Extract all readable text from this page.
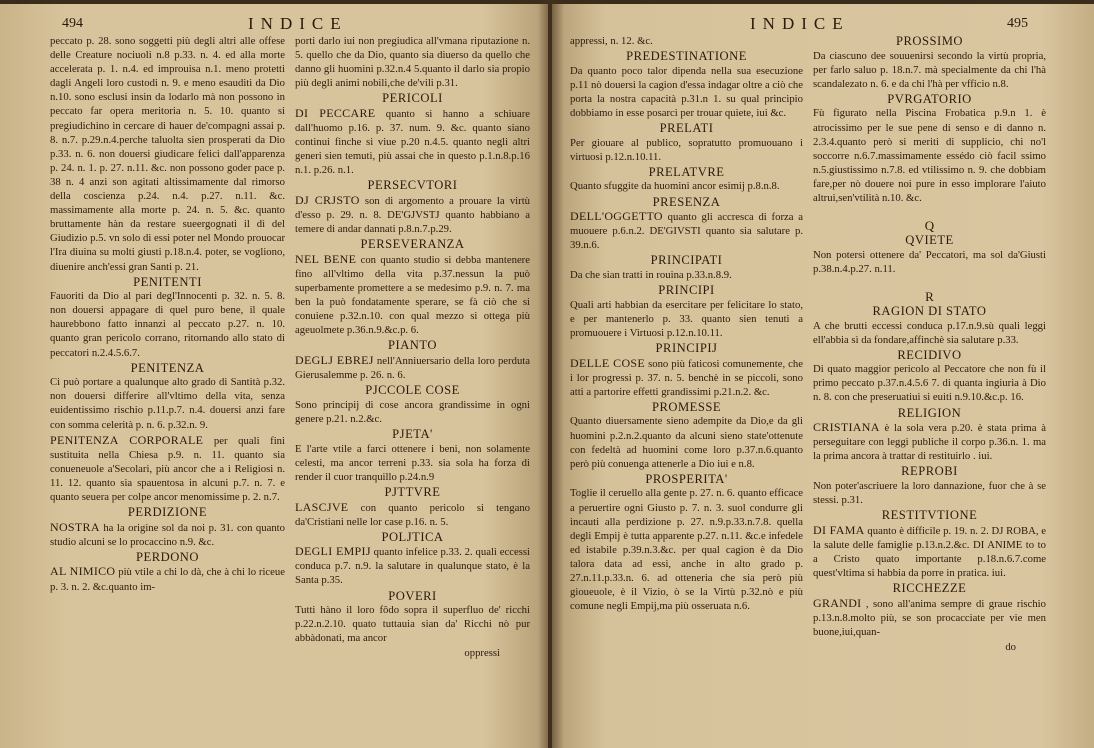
494	INDICE
peccato p. 28. sono soggetti più degli altri alle offese delle Creature nociuoli n.8 p.33. n. 4. ed alla morte accelerata p. 1. n.4. ed improuisa n.1. meno protetti dagli Angeli loro custodi n. 9. e meno esauditi da Dio n.10. sono esclusi insin da lodarlo mà non possono in peccato far opera meritoria n. 5. 10. quanto si pregiudichino in cercare di hauer de'compagni assai p. 8. n.7. p.29.n.4.perche taluolta sien prosperati da Dio p.33. n. 6. non douersi giudicare felici dall'apparenza p. 24. n. 1. p. 27. n.11. &c. non possono goder pace p. 38 n. 4 anzi son agitati altissimamente dal rimorso della coscienza p.24. n.4. p.27. n.11. &c. massimamente alla morte p. 24. n. 5. &c. quanto bruttamente hàn da restare sueergognati il dì del Giudizio p.5. vn solo di essi poter nel Mondo prouocar l'Ira diuina su molti giusti p.18.n.4. poter, se vogliono, diuenire anch'essi gran Santi p. 21.
PENITENTI
Fauoriti da Dio al pari degl'Innocenti p. 32. n. 5. 8. non douersi appagare di quel puro bene, il quale haurebbono fatto innanzi al peccato p.27. n. 10. quanto gran pericolo corrano, ritornando allo stato di peccatori n.2.4.5.6.7.
PENITENZA
Ci può portare a qualunque alto grado di Santità p.32. non douersi differire all'vltimo della vita, senza euidentissimo rischio p.11.p.7. n.4. douersi anzi fare con somma celerità p. n. 6. p.32.n. 9.
PENITENZA CORPORALE per quali fini sustituita nella Chiesa p.9. n. 11. quanto sia conueneuole a'Secolari, più ancor che a i Religiosi n. 11. 12. quanto sia spauentosa in alcuni p.7. n. 7. e quanto seuera per colpe ancor menomissime p. 2. n.7.
PERDIZIONE
NOSTRA ha la origine sol da noi p. 31. con quanto studio alcuni se lo procaccino n.9. &c.
PERDONO
AL NIMICO più vtile a chi lo dà, che à chi lo riceue p. 3. n. 2. &c.quanto im-
porti darlo iui non pregiudica all'vmana riputazione n. 5. quello che da Dio, quanto sia diuerso da quello che danno gli huomini p.32.n.4 5.quanto il darlo sia propio più degli animi nobili,che de'vili p.31.
PERICOLI
DI PECCARE quanto si hanno a schiuare dall'huomo p.16. p. 37. num. 9. &c. quanto siano continui finche si viue p.20 n.4.5. quanto negli altri generi sien temuti, più assai che in questo p.1.n.8.p.16 n.1. p.26. n.1.
PERSECVTORI
DJ CRJSTO son di argomento a prouare la virtù d'esso p. 29. n. 8. DE'GJVSTJ quanto habbiano a temere di andar dannati p.8.n.7.p.29.
PERSEVERANZA
NEL BENE con quanto studio si debba mantenere fino all'vltimo della vita p.37.nessun la può superbamente promettere a se medesimo p.9. n. 7. ma ben la può fondatamente sperare, se fà ciò che si conuiene p.32.n.10. con qual mezzo si ottega più ageuolmete p.36.n.9.&c.p. 6.
PIANTO
DEGLJ EBREJ nell'Anniuersario della loro perduta Gierusalemme p. 26. n. 6.
PJCCOLE COSE
Sono principij di cose ancora grandissime in ogni genere p.21. n.2.&c.
PJETA'
E l'arte vtile a farci ottenere i beni, non solamente celesti, ma ancor terreni p.33. sia sola ha forza di render il cuor tranquillo p.24.n.9
PJTTVRE
LASCJVE con quanto pericolo si tengano da'Cristiani nelle lor case p.16. n. 5.
POLJTICA
DEGLI EMPIJ quanto infelice p.33. 2. quali eccessi conduca p.7. n.9. la salutare in qualunque stato, è la Santa p.35.
POVERI
Tutti hàno il loro fôdo sopra il superfluo de' ricchi p.22.n.2.10. quato tuttauia sian da' Ricchi nò pur abbàdonati, ma ancor
oppressi
INDICE	495
appressi, n. 12. &c.
PREDESTINATIONE
Da quanto poco talor dipenda nella sua esecuzione p.11 nò douersi la cagion d'essa indagar oltre a ciò che porta la nostra capacità p.31.n 1. su qual principio dobbiamo in esse posarci per trouar quiete, iui &c.
PRELATI
Per giouare al publico, sopratutto promuouano i virtuosi p.12.n.10.11.
PRELATVRE
Quanto sfuggite da huomini ancor esimij p.8.n.8.
PRESENZA
DELL'OGGETTO quanto gli accresca di forza a muouere p.6.n.2. DE'GIVSTI quanto sia salutare p. 39.n.6.
PRINCIPATI
Da che sian tratti in rouina p.33.n.8.9.
PRINCIPI
Quali arti habbian da esercitare per felicitare lo stato, e per mantenerlo p. 33. quanto sien tenuti a promuouere i Virtuosi p.12.n.10.11.
PRINCIPIJ
DELLE COSE sono più faticosi comunemente, che i lor progressi p. 37. n. 5. benchè in se piccoli, sono atti a partorire effetti grandissimi p.21.n.2. &c.
PROMESSE
Quanto diuersamente sieno adempite da Dio,e da gli huomini p.2.n.2.quanto da alcuni sieno state'ottenute con fedeltà ad huomini come loro p.37.n.6.quanto però più conuenga attenerle a Dio iui e n.8.
PROSPERITA'
Toglie il ceruello alla gente p. 27. n. 6. quanto efficace a peruertire ogni Giusto p. 7. n. 3. suol condurre gli incauti alla perdizione p. 27. n.9.p.33.n.7.8. quella degli Empij è tutta apparente p.27. n.11. &c.e infedele ed istabile p.39.n.3.&c. per qual cagion è da Dio talora data ad essi, anche in alto grado p. 27.n.11.p.33.n. 6. ad otteneria che sia però più gioueuole, è il Vizio, ò se la Virtù p.32.nò e più comune negli Empij,ma più osseruata n.6.
PROSSIMO
Da ciascuno dee souuenirsi secondo la virtù propria, per farlo saluo p. 18.n.7. mà specialmente da chi l'hà scandalezato n. 6. e da chi l'hà per vfficio n.8.
PVRGATORIO
Fù figurato nella Piscina Frobatica p.9.n 1. è atrocissimo per le sue pene di senso e di danno n. 2.3.4.quanto però si meriti di supplicio, chi no'l soccorre n.6.7.massimamente essédo ciò facil ssimo n.5.giustissimo n.7.8. ed vtilissimo n. 9. che dobbiam fare,per nò douere noi pure in esso implorare l'aiuto altrui,sen'vtilità n.10. &c.
Q
QVIETE
Non potersi ottenere da' Peccatori, ma sol da'Giusti p.38.n.4.p.27. n.11.
R
RAGION DI STATO
A che brutti eccessi conduca p.17.n.9.sù quali leggi ell'abbia sì da fondare,affinchè sia salutare p.33.
RECIDIVO
Di quato maggior pericolo al Peccatore che non fù il primo peccato p.37.n.4.5.6 7. di quanta ingiuria à Dio n. 8. con che preseruatiui si euiti n.9.10.&c.p. 16.
RELIGION
CRISTIANA è la sola vera p.20. è stata prima à perseguitare con leggi publiche il corpo p.36.n. 1. ma la prima ancora à trattar di restituirlo . iui.
REPROBI
Non poter'ascriuere la loro dannazione, fuor che à se stessi. p.31.
RESTITVTIONE
DI FAMA quanto è difficile p. 19. n. 2. DJ ROBA, e la salute delle famiglie p.13.n.2.&c. DI ANIME to to a Cristo quato importante p.18.n.6.7.come quest'vltima si habbia da porre in pratica. iui.
RICCHEZZE
GRANDI , sono all'anima sempre di graue rischio p.13.n.8.molto più, se son procacciate per vie men buone,iui,quan-
do
